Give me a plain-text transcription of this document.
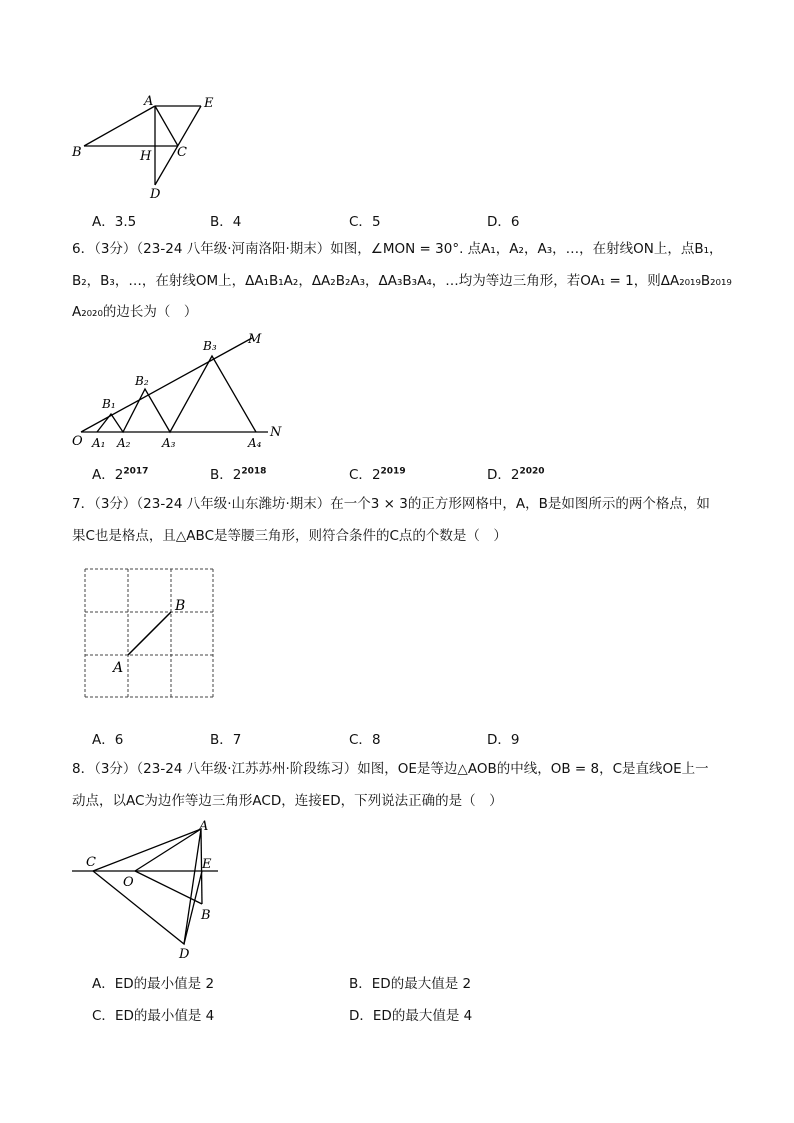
A	E
B	H C
D
A．3.5	B．4	C．5	D．6
6．（3分）（23-24 八年级·河南洛阳·期末）如图，∠MON = 30°. 点A₁，A₂，A₃，…，在射线ON上，点B₁，
B₂，B₃，…，在射线OM上，ΔA₁B₁A₂，ΔA₂B₂A₃，ΔA₃B₃A₄，…均为等边三角形，若OA₁ = 1，则ΔA₂₀₁₉B₂₀₁₉
A₂₀₂₀的边长为（　）
M
N
O A₁ A₂	A₃	A₄
B₁
B₂
B₃
A．$2^{2017}$	B．$2^{2018}$	C．$2^{2019}$	D．$2^{2020}$
7．（3分）（23-24 八年级·山东潍坊·期末）在一个3 × 3的正方形网格中，A，B是如图所示的两个格点，如
果C也是格点，且△ABC是等腰三角形，则符合条件的C点的个数是（　）
B
A
A．6	B．7	C．8	D．9
8．（3分）（23-24 八年级·江苏苏州·阶段练习）如图，OE是等边△AOB的中线，OB = 8，C是直线OE上一
动点，以AC为边作等边三角形ACD，连接ED，下列说法正确的是（　）
A
C
O
E
B
D
A．ED的最小值是 2	B．ED的最大值是 2
C．ED的最小值是 4	D．ED的最大值是 4
